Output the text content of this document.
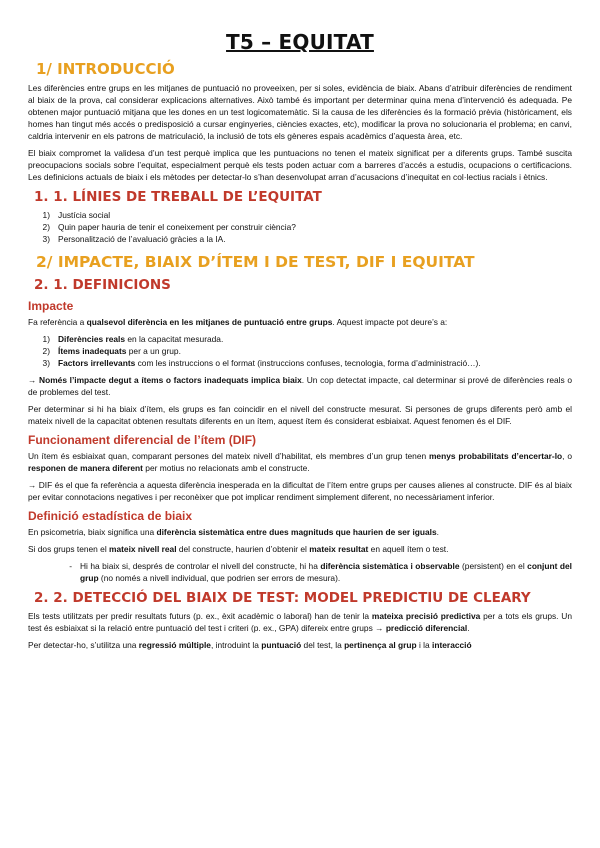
T5 – EQUITAT
1/ INTRODUCCIÓ

Les diferències entre grups en les mitjanes de puntuació no proveeixen, per si soles, evidència de biaix. Abans d’atribuir diferències de rendiment al biaix de la prova, cal considerar explicacions alternatives. Això també és important per determinar quina mena d’intervenció és adequada. Pe obtenen major puntuació mitjana que les dones en un test logicomatemàtic. Si la causa de les diferències és la formació prèvia (històricament, els homes han tingut més accés o predisposició a cursar enginyeries, ciències exactes, etc), modificar la prova no solucionaria el problema; en canvi, caldria intervenir en els patrons de matriculació, la inclusió de tots els gèneres espais acadèmics d’aquesta àrea, etc.

El biaix compromet la validesa d’un test perquè implica que les puntuacions no tenen el mateix significat per a diferents grups. També suscita preocupacions socials sobre l’equitat, especialment perquè els tests poden actuar com a barreres d’accés a estudis, ocupacions o certificacions. Les definicions actuals de biaix i els mètodes per detectar-lo s’han desenvolupat arran d’acusacions d’inequitat en col·lectius racials i ètnics.

1. 1. LÍNIES DE TREBALL DE L’EQUITAT
1) Justícia social
2) Quin paper hauria de tenir el coneixement per construir ciència?
3) Personalització de l’avaluació gràcies a la IA.
2/ IMPACTE, BIAIX D’ÍTEM I DE TEST, DIF I EQUITAT
2. 1. DEFINICIONS
Impacte

Fa referència a qualsevol diferència en les mitjanes de puntuació entre grups. Aquest impacte pot deure’s a:

1) Diferències reals en la capacitat mesurada.
2) Ítems inadequats per a un grup.
3) Factors irrellevants com les instruccions o el format (instruccions confuses, tecnologia, forma d’administració…).

→ Només l’impacte degut a ítems o factors inadequats implica biaix. Un cop detectat impacte, cal determinar si prové de diferències reals o de problemes del test.

Per determinar si hi ha biaix d’ítem, els grups es fan coincidir en el nivell del constructe mesurat. Si persones de grups diferents però amb el mateix nivell de la capacitat obtenen resultats diferents en un ítem, aquest ítem és considerat esbiaixat. Aquest fenomen és el DIF.

Funcionament diferencial de l’ítem (DIF)

Un ítem és esbiaixat quan, comparant persones del mateix nivell d’habilitat, els membres d’un grup tenen menys probabilitats d’encertar-lo, o responen de manera diferent per motius no relacionats amb el constructe.

→ DIF és el que fa referència a aquesta diferència inesperada en la dificultat de l’ítem entre grups per causes alienes al constructe. DIF és al biaix per evitar connotacions negatives i per reconèixer que pot implicar rendiment simplement diferent, no necessàriament inferior.

Definició estadística de biaix

En psicometria, biaix significa una diferència sistemàtica entre dues magnituds que haurien de ser iguals.

Si dos grups tenen el mateix nivell real del constructe, haurien d’obtenir el mateix resultat en aquell ítem o test.

- Hi ha biaix si, després de controlar el nivell del constructe, hi ha diferència sistemàtica i observable (persistent) en el conjunt del grup (no només a nivell individual, que podrien ser errors de mesura).
2. 2. DETECCIÓ DEL BIAIX DE TEST: MODEL PREDICTIU DE CLEARY

Els tests utilitzats per predir resultats futurs (p. ex., èxit acadèmic o laboral) han de tenir la mateixa precisió predictiva per a tots els grups. Un test és esbiaixat si la relació entre puntuació del test i criteri (p. ex., GPA) difereix entre grups → predicció diferencial.

Per detectar-ho, s’utilitza una regressió múltiple, introduint la puntuació del test, la pertinença al grup i la interacció
